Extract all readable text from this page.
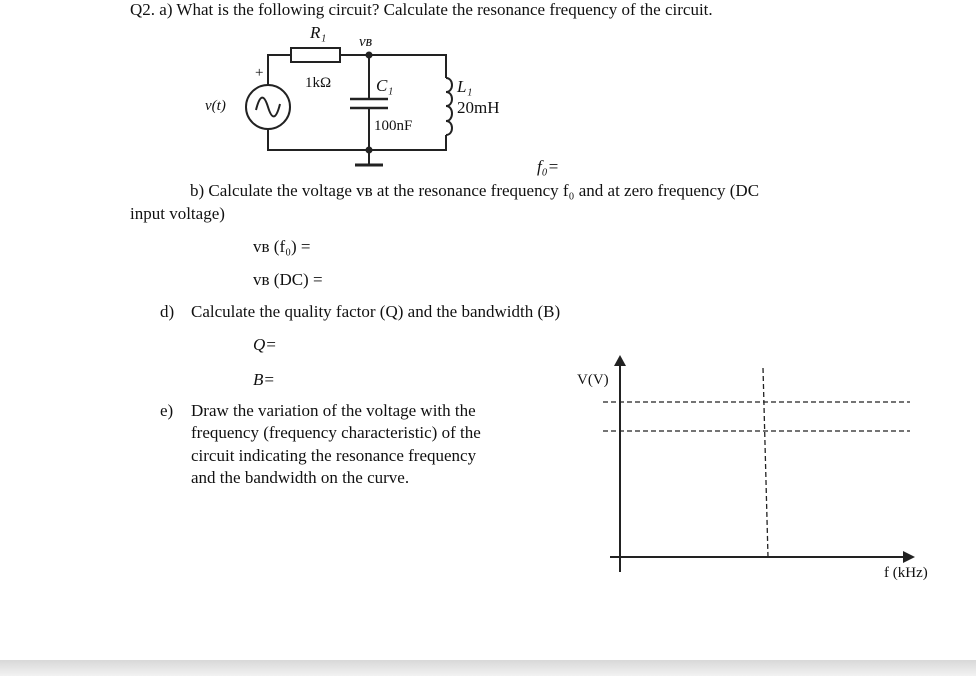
Q2. a) What is the following circuit? Calculate the resonance frequency of the circuit.
R₁ vʙ
1kΩ	C₁
100nF
L₁
20mH
v(t)
+
f₀=
b) Calculate the voltage vʙ at the resonance frequency f₀ and at zero frequency (DC
input voltage)
vʙ (f₀) =
vʙ (DC) =
d) Calculate the quality factor (Q) and the bandwidth (B)
Q=
B=
e) Draw the variation of the voltage with the
frequency (frequency characteristic) of the
circuit indicating the resonance frequency
and the bandwidth on the curve.
V(V)
f (kHz)
